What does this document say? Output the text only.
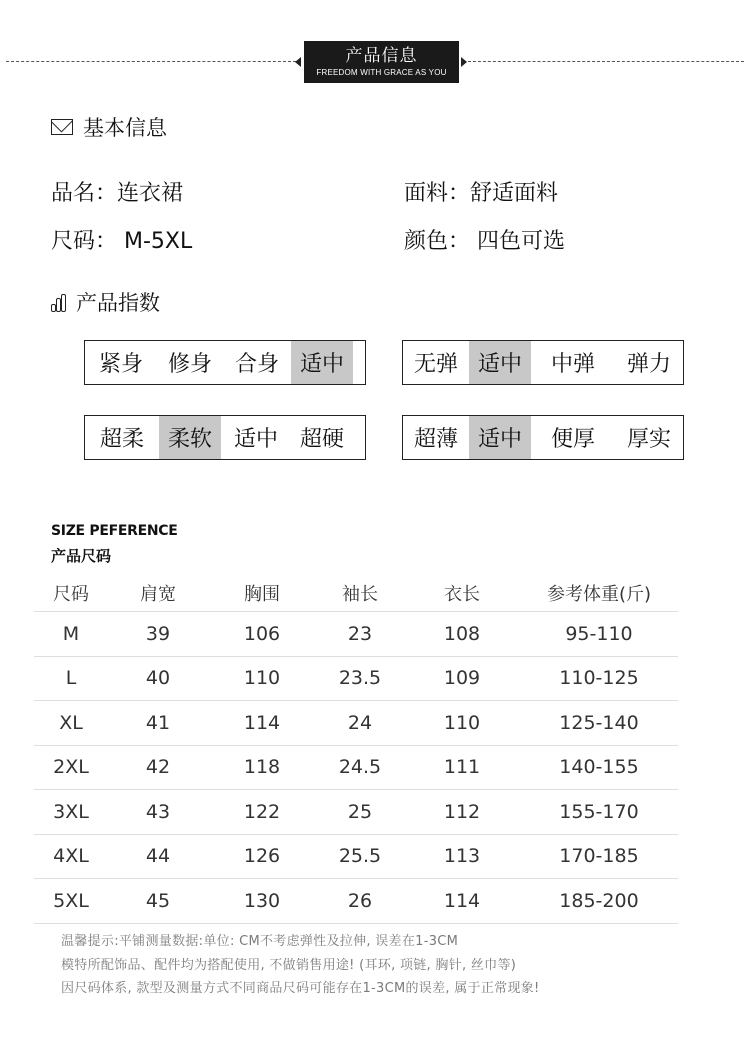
产品信息
FREEDOM WITH GRACE AS YOU
基本信息
品名：连衣裙	面料：舒适面料
尺码： M-5XL	颜色： 四色可选
产品指数
紧身	修身	合身 适中	无弹 适中	中弹	弹力
超柔	柔软 适中 超硬	超薄 适中	便厚	厚实
SIZE PEFERENCE
产品尺码
尺码	肩宽	胸围	袖长	衣长	参考体重(斤)
M	39	106	23	108	95-110
L	40	110	23.5	109	110-125
XL	41	114	24	110	125-140
2XL	42	118	24.5	111	140-155
3XL	43	122	25	112	155-170
4XL	44	126	25.5	113	170-185
5XL	45	130	26	114	185-200
温馨提示:平铺测量数据:单位: CM不考虑弹性及拉伸, 误差在1-3CM
模特所配饰品、配件均为搭配使用, 不做销售用途! (耳环, 项链, 胸针, 丝巾等)
因尺码体系, 款型及测量方式不同商品尺码可能存在1-3CM的误差, 属于正常现象!
